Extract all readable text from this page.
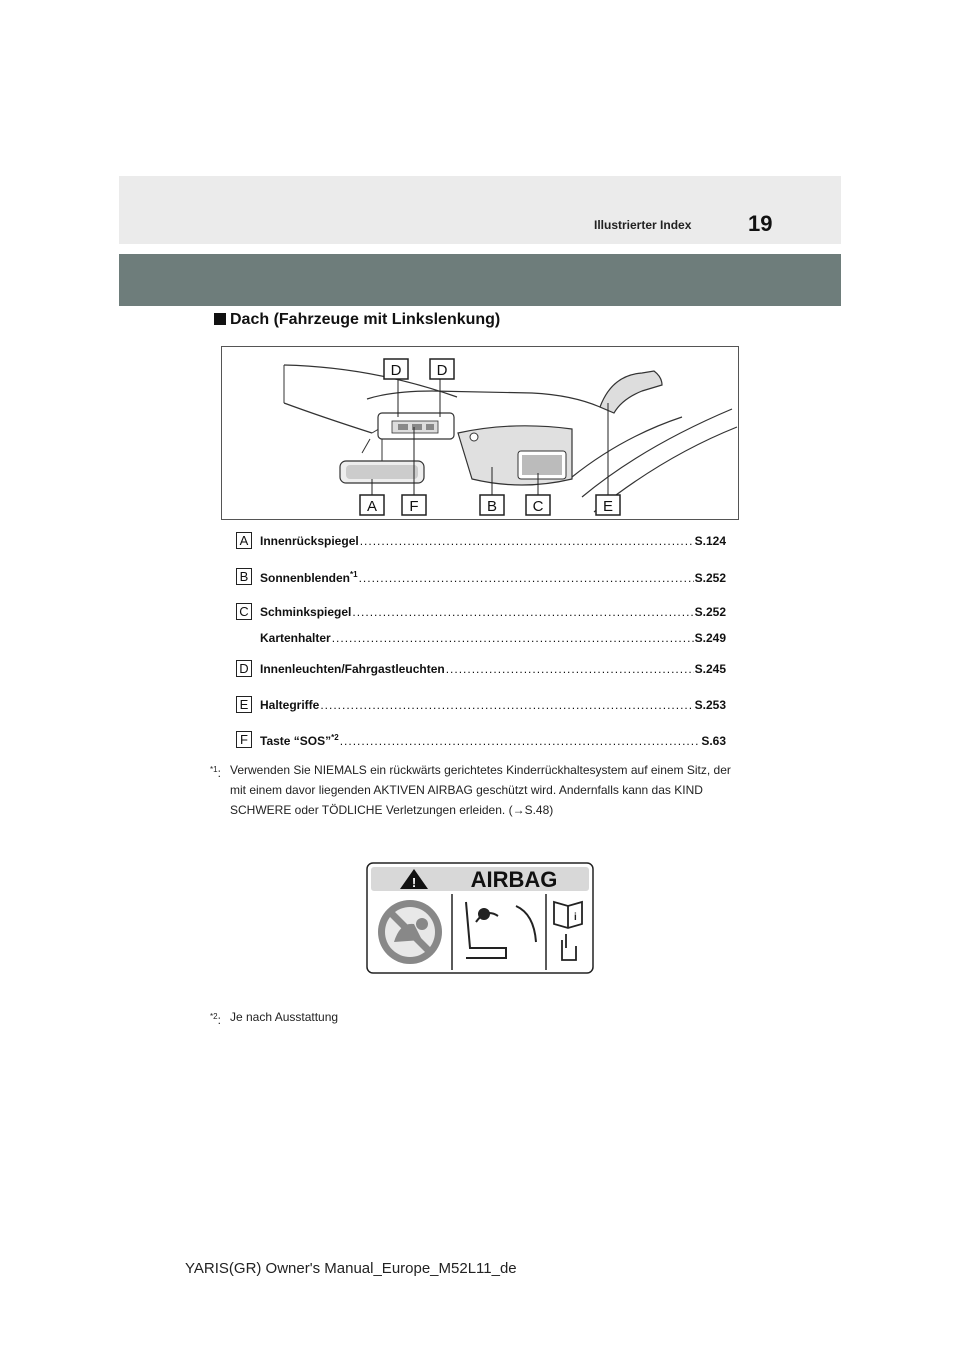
Illustrierter Index	19
Dach (Fahrzeuge mit Linkslenkung)
D D
A F	B C	E
A Innenrückspiegel .....	S.124
B Sonnenblenden$^{*1}$ .....	S.252
C Schminkspiegel .....	S.252
Kartenhalter .....	S.249
D Innenleuchten/Fahrgastleuchten .....	S.245
E Haltegriffe .....	S.253
F	Taste “SOS”$^{*2}$ .....	S.63
$^{*1}$: Verwenden Sie NIEMALS ein rückwärts gerichtetes Kinderrückhaltesystem auf einem Sitz, der mit einem davor liegenden AKTIVEN AIRBAG geschützt wird. Andernfalls kann das KIND SCHWERE oder TÖDLICHE Verletzungen erleiden. (→S.48)
! AIRBAG
i
$^{*2}$: Je nach Ausstattung
YARIS(GR) Owner's Manual_Europe_M52L11_de
